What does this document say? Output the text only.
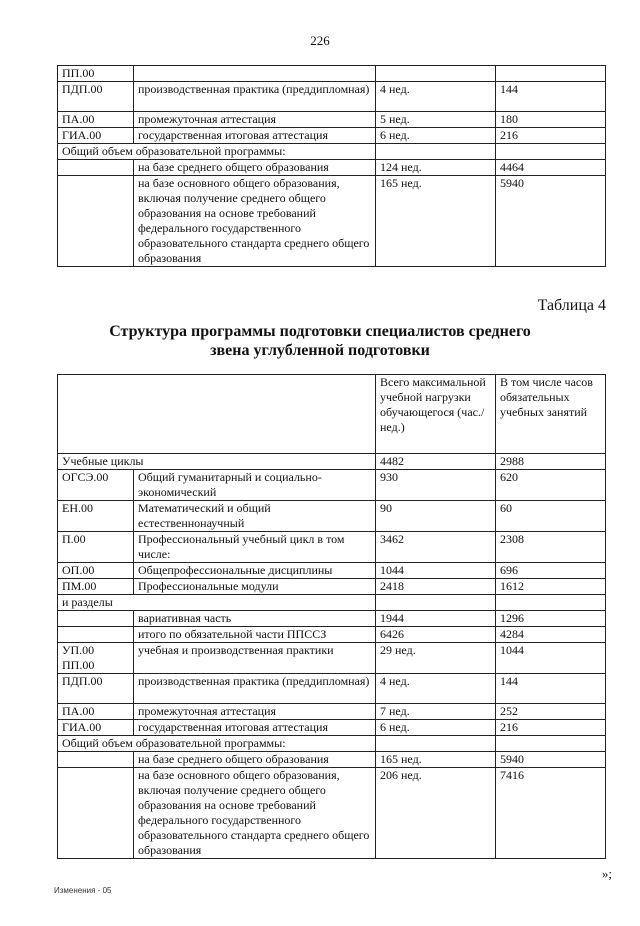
226
ПП.00			
ПДП.00	производственная практика (преддипломная)	4 нед.	144
ПА.00	промежуточная аттестация	5 нед.	180
ГИА.00	государственная итоговая аттестация	6 нед.	216
Общий объем образовательной программы:			
	на базе среднего общего образования	124 нед.	4464
	на базе основного общего образования, включая получение среднего общего образования на основе требований федерального государственного образовательного стандарта среднего общего образования	165 нед.	5940
Таблица 4
Структура программы подготовки специалистов среднего звена углубленной подготовки
		Всего максимальной учебной нагрузки обучающегося (час./нед.)	В том числе часов обязательных учебных занятий
Учебные циклы		4482	2988
ОГСЭ.00	Общий гуманитарный и социально-экономический	930	620
ЕН.00	Математический и общий естественнонаучный	90	60
П.00	Профессиональный учебный цикл в том числе:	3462	2308
ОП.00	Общепрофессиональные дисциплины	1044	696
ПМ.00	Профессиональные модули	2418	1612
и разделы			
	вариативная часть	1944	1296
	итого по обязательной части ППССЗ	6426	4284
УП.00 ПП.00	учебная и производственная практики	29 нед.	1044
ПДП.00	производственная практика (преддипломная)	4 нед.	144
ПА.00	промежуточная аттестация	7 нед.	252
ГИА.00	государственная итоговая аттестация	6 нед.	216
Общий объем образовательной программы:			
	на базе среднего общего образования	165 нед.	5940
	на базе основного общего образования, включая получение среднего общего образования на основе требований федерального государственного образовательного стандарта среднего общего образования	206 нед.	7416
»;
Изменения - 05
